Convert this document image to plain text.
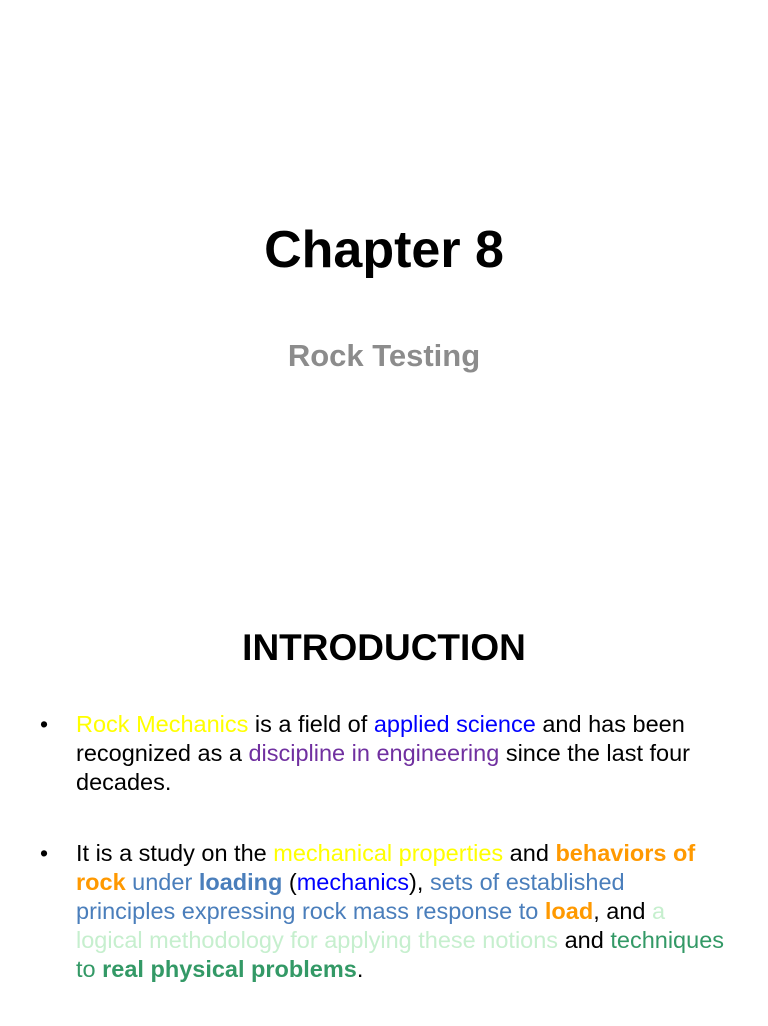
Chapter 8
Rock Testing
INTRODUCTION
• Rock Mechanics is a field of applied science and has been recognized as a discipline in engineering since the last four decades.
• It is a study on the mechanical properties and behaviors of rock under loading (mechanics), sets of established principles expressing rock mass response to load, and a logical methodology for applying these notions and techniques to real physical problems.
